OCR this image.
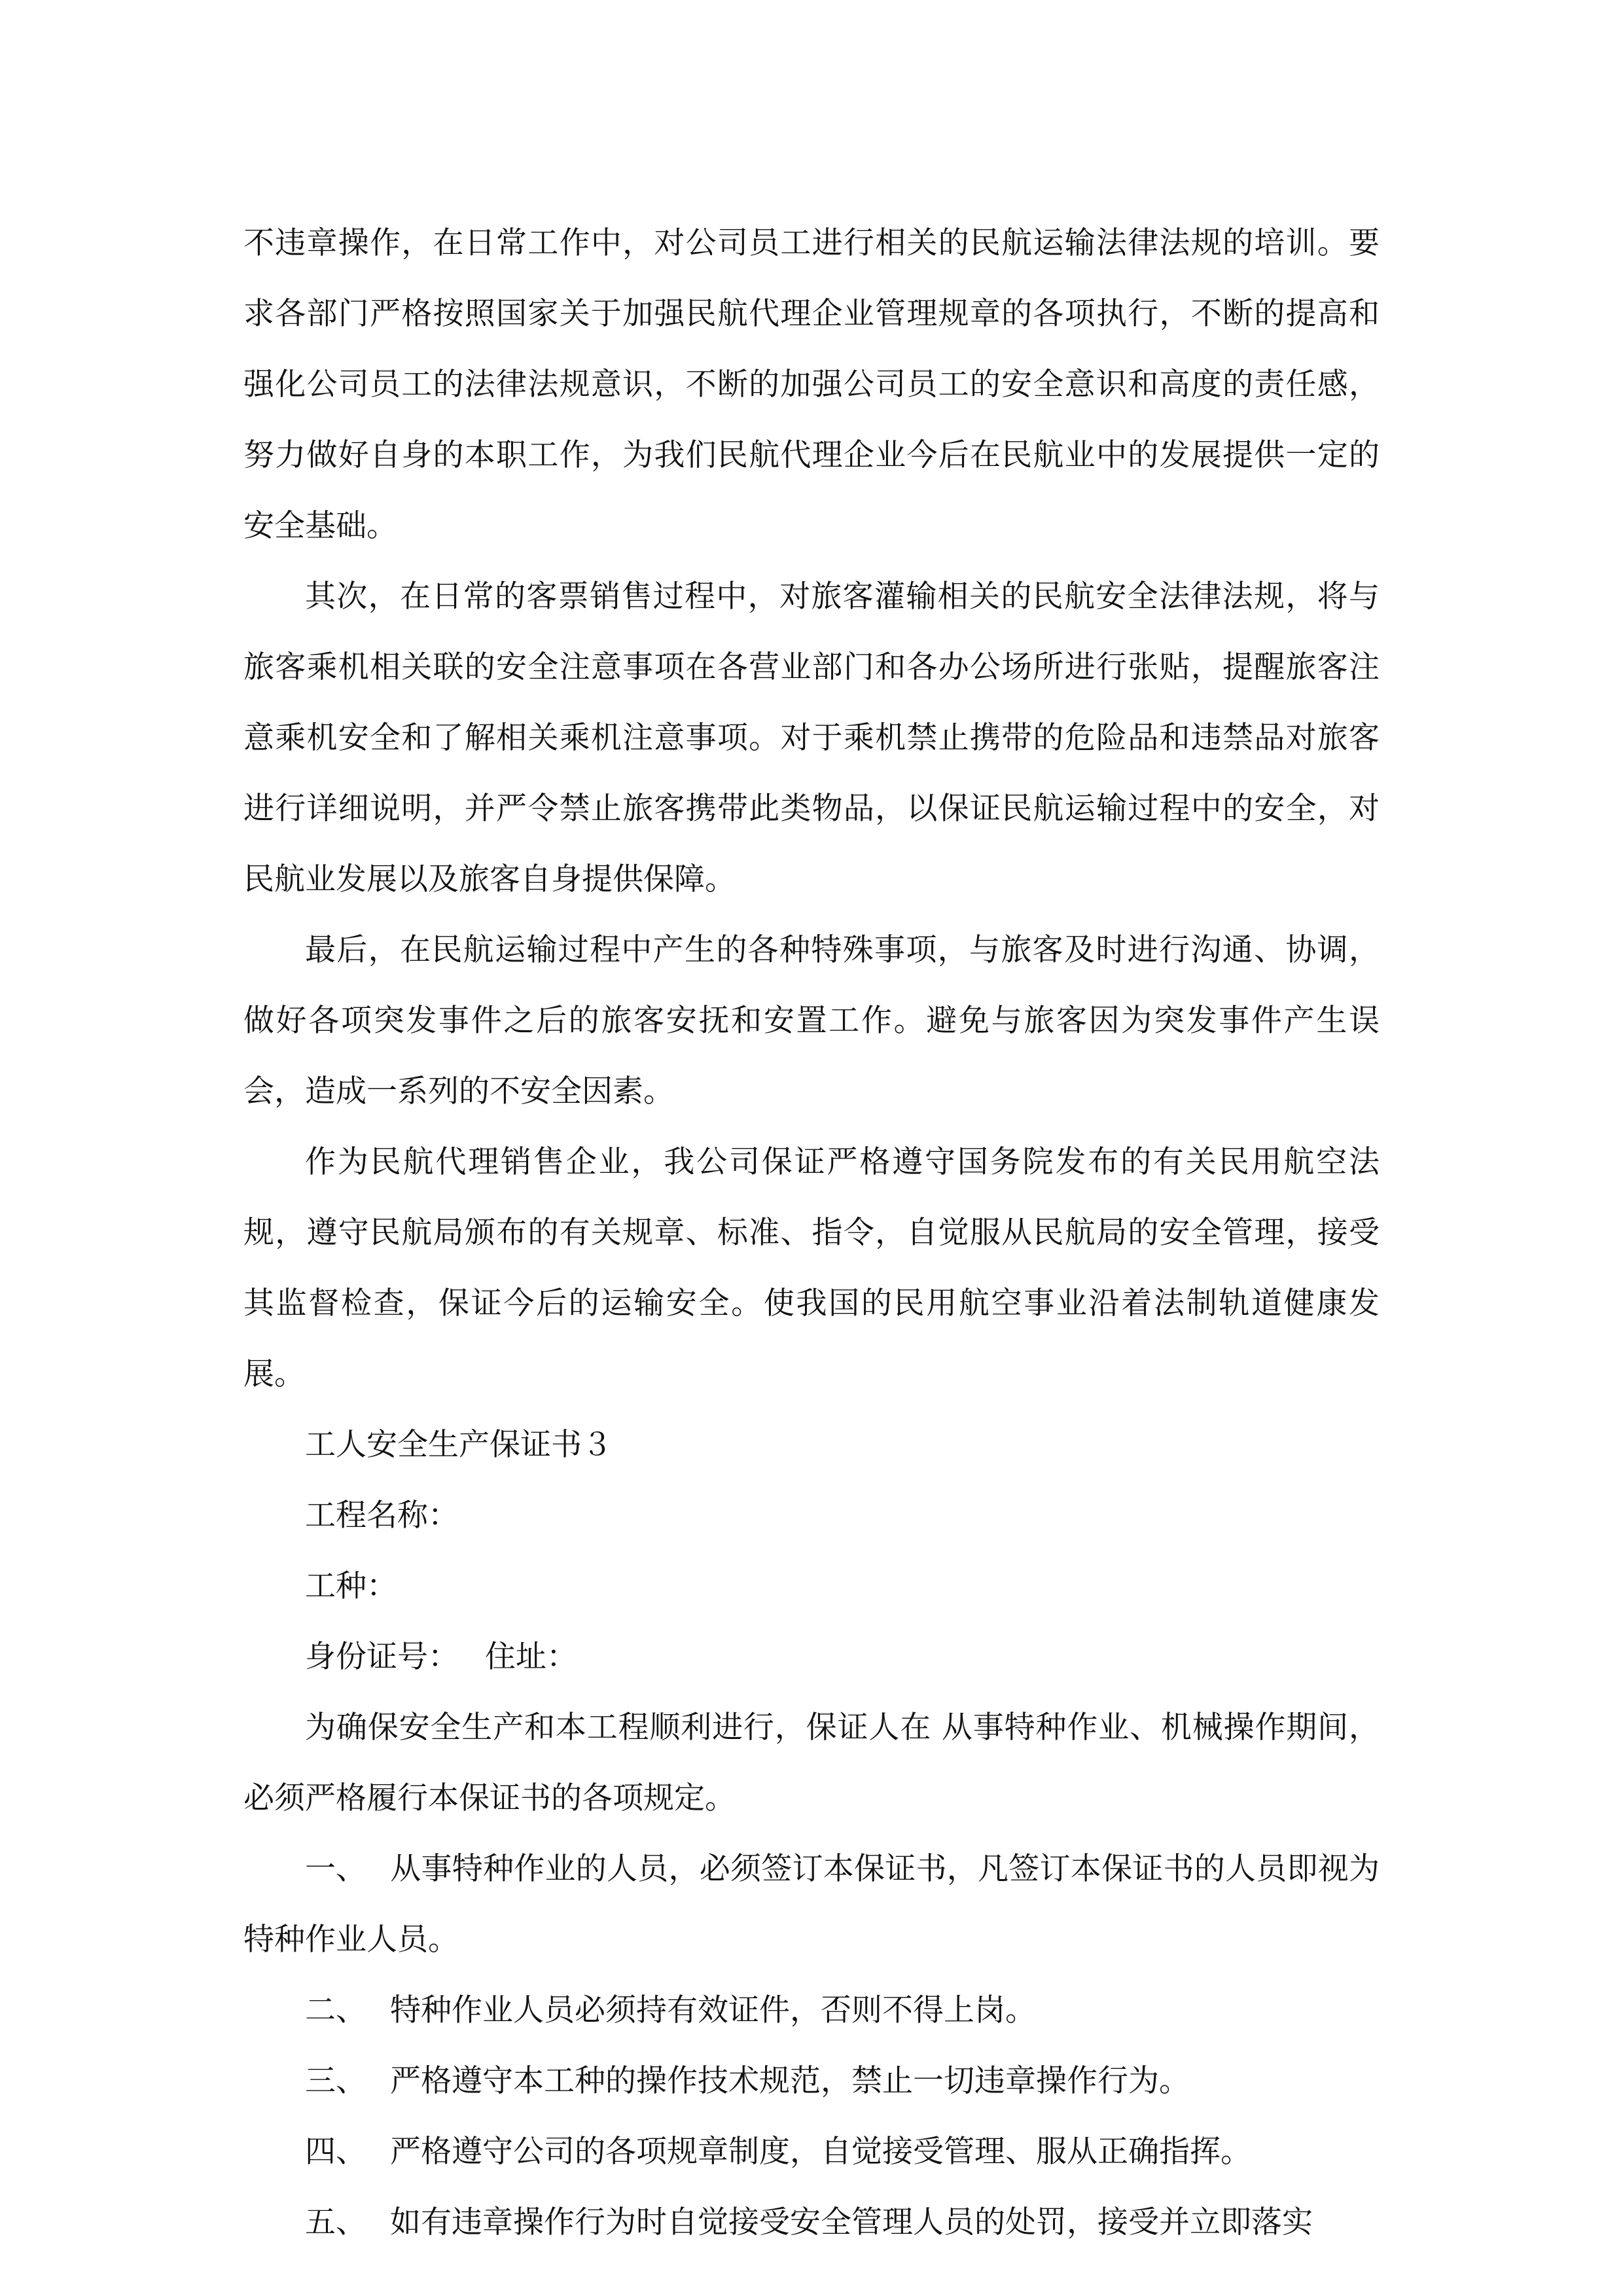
不违章操作，在日常工作中，对公司员工进行相关的民航运输法律法规的培训。要求各部门严格按照国家关于加强民航代理企业管理规章的各项执行，不断的提高和强化公司员工的法律法规意识，不断的加强公司员工的安全意识和高度的责任感，努力做好自身的本职工作，为我们民航代理企业今后在民航业中的发展提供一定的安全基础。

其次，在日常的客票销售过程中，对旅客灌输相关的民航安全法律法规，将与旅客乘机相关联的安全注意事项在各营业部门和各办公场所进行张贴，提醒旅客注意乘机安全和了解相关乘机注意事项。对于乘机禁止携带的危险品和违禁品对旅客进行详细说明，并严令禁止旅客携带此类物品，以保证民航运输过程中的安全，对民航业发展以及旅客自身提供保障。

最后，在民航运输过程中产生的各种特殊事项，与旅客及时进行沟通、协调，做好各项突发事件之后的旅客安抚和安置工作。避免与旅客因为突发事件产生误会，造成一系列的不安全因素。

作为民航代理销售企业，我公司保证严格遵守国务院发布的有关民用航空法规，遵守民航局颁布的有关规章、标准、指令，自觉服从民航局的安全管理，接受其监督检查，保证今后的运输安全。使我国的民用航空事业沿着法制轨道健康发展。

工人安全生产保证书３

工程名称：

工种：

身份证号： 住址：

为确保安全生产和本工程顺利进行，保证人在 从事特种作业、机械操作期间，必须严格履行本保证书的各项规定。

一、 从事特种作业的人员，必须签订本保证书，凡签订本保证书的人员即视为特种作业人员。

二、 特种作业人员必须持有效证件，否则不得上岗。

三、 严格遵守本工种的操作技术规范，禁止一切违章操作行为。

四、 严格遵守公司的各项规章制度，自觉接受管理、服从正确指挥。

五、 如有违章操作行为时自觉接受安全管理人员的处罚，接受并立即落实
